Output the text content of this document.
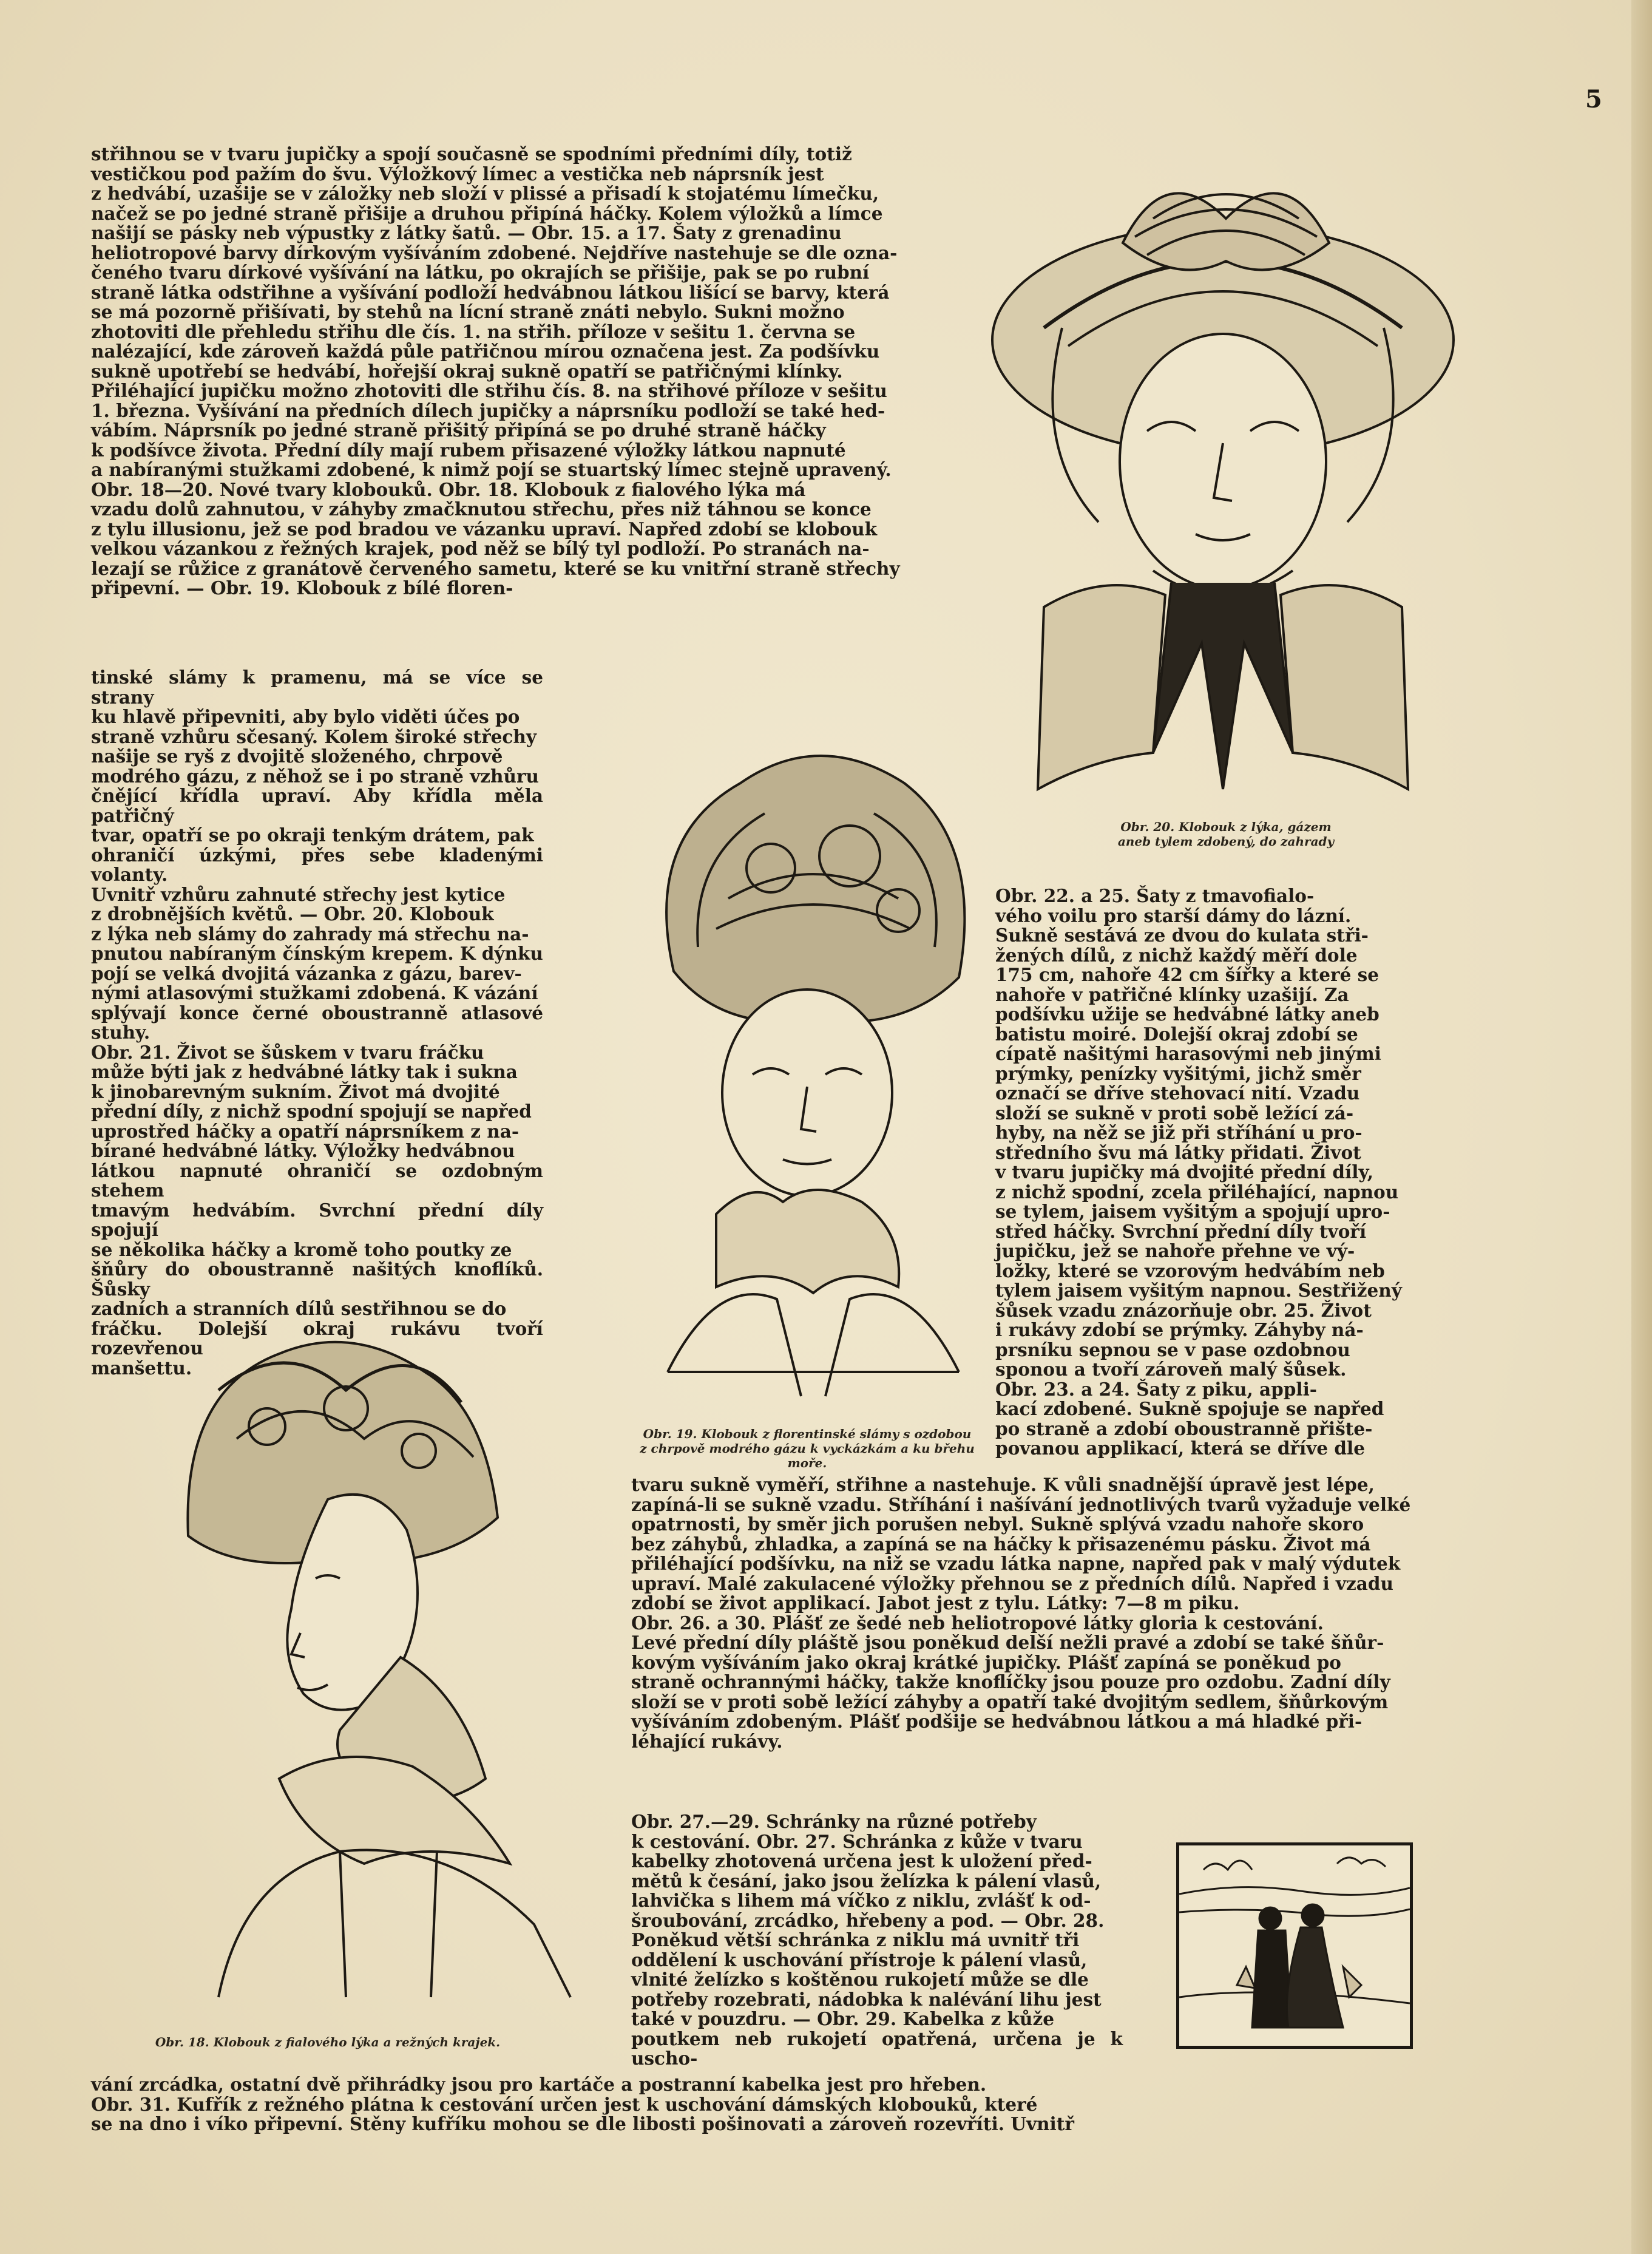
5

střihnou se v tvaru jupičky a spojí současně se spodními předními díly, totiž
vestičkou pod pažím do švu. Výložkový límec a vestička neb náprsník jest
z hedvábí, uzašije se v záložky neb složí v plissé a přisadí k stojatému límečku,
načež se po jedné straně přišije a druhou připíná háčky. Kolem výložků a límce
našijí se pásky neb výpustky z látky šatů. — Obr. 15. a 17. Šaty z grenadinu
heliotropové barvy dírkovým vyšíváním zdobené. Nejdříve nastehuje se dle ozna-
čeného tvaru dírkové vyšívání na látku, po okrajích se přišije, pak se po rubní
straně látka odstřihne a vyšívání podloží hedvábnou látkou lišící se barvy, která
se má pozorně přišívati, by stehů na lícní straně znáti nebylo. Sukni možno
zhotoviti dle přehledu střihu dle čís. 1. na střih. příloze v sešitu 1. června se
nalézající, kde zároveň každá půle patřičnou mírou označena jest. Za podšívku
sukně upotřebí se hedvábí, hořejší okraj sukně opatří se patřičnými klínky.
Přiléhající jupičku možno zhotoviti dle střihu čís. 8. na střihové příloze v sešitu
1. března. Vyšívání na předních dílech jupičky a náprsníku podloží se také hed-
vábím. Náprsník po jedné straně přišitý připíná se po druhé straně háčky
k podšívce života. Přední díly mají rubem přisazené výložky látkou napnuté
a nabíranými stužkami zdobené, k nimž pojí se stuartský límec stejně upravený.
Obr. 18—20. Nové tvary klobouků. Obr. 18. Klobouk z fialového lýka má
vzadu dolů zahnutou, v záhyby zmačknutou střechu, přes niž táhnou se konce
z tylu illusionu, jež se pod bradou ve vázanku upraví. Napřed zdobí se klobouk
velkou vázankou z řežných krajek, pod něž se bílý tyl podloží. Po stranách na-
lezají se růžice z granátově červeného sametu, které se ku vnitřní straně střechy
připevní. — Obr. 19. Klobouk z bílé floren-

tinské slámy k pramenu, má se více se strany
ku hlavě připevniti, aby bylo viděti účes po
straně vzhůru sčesaný. Kolem široké střechy
našije se ryš z dvojitě složeného, chrpově
modrého gázu, z něhož se i po straně vzhůru
čnějící křídla upraví. Aby křídla měla patřičný
tvar, opatří se po okraji tenkým drátem, pak
ohraničí úzkými, přes sebe kladenými volanty.
Uvnitř vzhůru zahnuté střechy jest kytice
z drobnějších květů. — Obr. 20. Klobouk
z lýka neb slámy do zahrady má střechu na-
pnutou nabíraným čínským krepem. K dýnku
pojí se velká dvojitá vázanka z gázu, barev-
nými atlasovými stužkami zdobená. K vázání
splývají konce černé oboustranně atlasové stuhy.
Obr. 21. Život se šůskem v tvaru fráčku
může býti jak z hedvábné látky tak i sukna
k jinobarevným sukním. Život má dvojité
přední díly, z nichž spodní spojují se napřed
uprostřed háčky a opatří náprsníkem z na-
bírané hedvábné látky. Výložky hedvábnou
látkou napnuté ohraničí se ozdobným stehem
tmavým hedvábím. Svrchní přední díly spojují
se několika háčky a kromě toho poutky ze
šňůry do oboustranně našitých knoflíků. Šůsky
zadních a stranních dílů sestřihnou se do
fráčku. Dolejší okraj rukávu tvoří rozevřenou
manšettu.

Obr. 22. a 25. Šaty z tmavofialo-
vého voilu pro starší dámy do lázní.
Sukně sestává ze dvou do kulata stři-
žených dílů, z nichž každý měří dole
175 cm, nahoře 42 cm šířky a které se
nahoře v patřičné klínky uzašijí. Za
podšívku užije se hedvábné látky aneb
batistu moiré. Dolejší okraj zdobí se
cípatě našitými harasovými neb jinými
prýmky, penízky vyšitými, jichž směr
označí se dříve stehovací nití. Vzadu
složí se sukně v proti sobě ležící zá-
hyby, na něž se již při stříhání u pro-
středního švu má látky přidati. Život
v tvaru jupičky má dvojité přední díly,
z nichž spodní, zcela přiléhající, napnou
se tylem, jaisem vyšitým a spojují upro-
střed háčky. Svrchní přední díly tvoří
jupičku, jež se nahoře přehne ve vý-
ložky, které se vzorovým hedvábím neb
tylem jaisem vyšitým napnou. Sestřižený
šůsek vzadu znázorňuje obr. 25. Život
i rukávy zdobí se prýmky. Záhyby ná-
prsníku sepnou se v pase ozdobnou
sponou a tvoří zároveň malý šůsek.
Obr. 23. a 24. Šaty z piku, appli-
kací zdobené. Sukně spojuje se napřed
po straně a zdobí oboustranně přište-
povanou applikací, která se dříve dle

tvaru sukně vyměří, střihne a nastehuje. K vůli snadnější úpravě jest lépe,
zapíná-li se sukně vzadu. Stříhání i našívání jednotlivých tvarů vyžaduje velké
opatrnosti, by směr jich porušen nebyl. Sukně splývá vzadu nahoře skoro
bez záhybů, zhladka, a zapíná se na háčky k přisazenému pásku. Život má
přiléhající podšívku, na niž se vzadu látka napne, napřed pak v malý výdutek
upraví. Malé zakulacené výložky přehnou se z předních dílů. Napřed i vzadu
zdobí se život applikací. Jabot jest z tylu. Látky: 7—8 m piku.
Obr. 26. a 30. Plášť ze šedé neb heliotropové látky gloria k cestování.
Levé přední díly pláště jsou poněkud delší nežli pravé a zdobí se také šňůr-
kovým vyšíváním jako okraj krátké jupičky. Plášť zapíná se poněkud po
straně ochrannými háčky, takže knoflíčky jsou pouze pro ozdobu. Zadní díly
složí se v proti sobě ležící záhyby a opatří také dvojitým sedlem, šňůrkovým
vyšíváním zdobeným. Plášť podšije se hedvábnou látkou a má hladké při-
léhající rukávy.

Obr. 27.—29. Schránky na různé potřeby
k cestování. Obr. 27. Schránka z kůže v tvaru
kabelky zhotovená určena jest k uložení před-
mětů k česání, jako jsou želízka k pálení vlasů,
lahvička s lihem má víčko z niklu, zvlášť k od-
šroubování, zrcádko, hřebeny a pod. — Obr. 28.
Poněkud větší schránka z niklu má uvnitř tři
oddělení k uschování přístroje k pálení vlasů,
vlnité želízko s koštěnou rukojetí může se dle
potřeby rozebrati, nádobka k nalévání lihu jest
také v pouzdru. — Obr. 29. Kabelka z kůže
poutkem neb rukojetí opatřená, určena je k uscho-

vání zrcádka, ostatní dvě přihrádky jsou pro kartáče a postranní kabelka jest pro hřeben.
Obr. 31. Kufřík z režného plátna k cestování určen jest k uschování dámských klobouků, které
se na dno i víko připevní. Stěny kufříku mohou se dle libosti pošinovati a zároveň rozevříti. Uvnitř

Obr. 20. Klobouk z lýka, gázem
aneb tylem zdobený, do zahrady

Obr. 19. Klobouk z florentinské slámy s ozdobou
z chrpově modrého gázu k vyckázkám a ku břehu
moře.

Obr. 18. Klobouk z fialového lýka a režných krajek.
